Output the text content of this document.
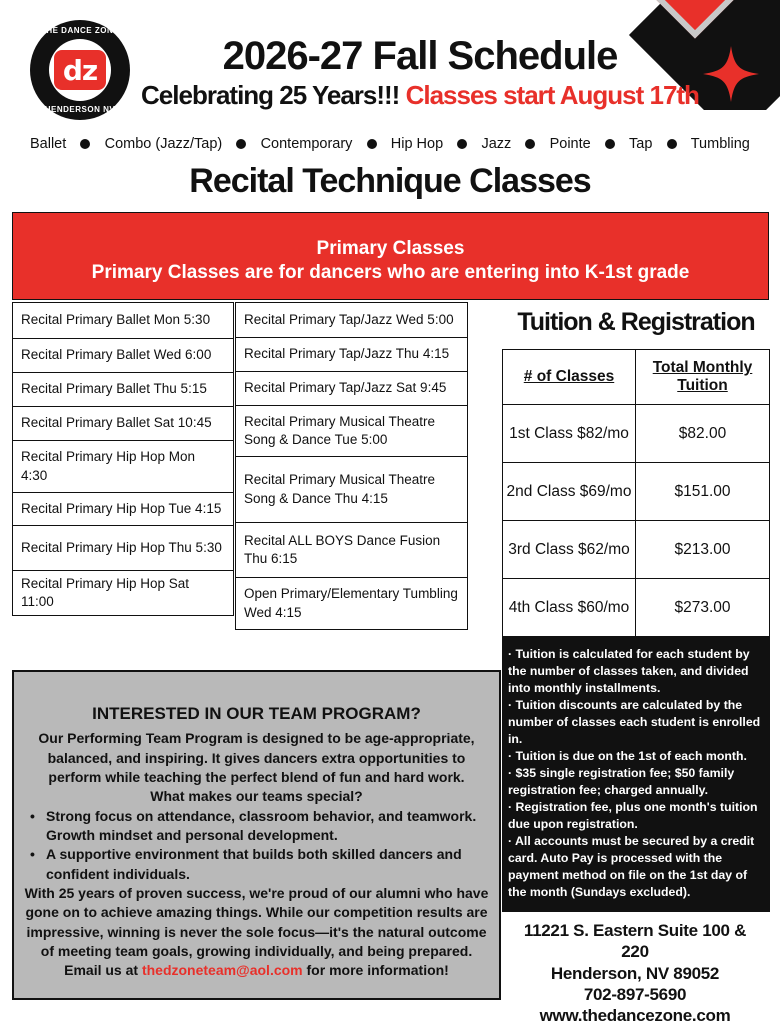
THE DANCE ZONE
dz
HENDERSON NV
2026-27 Fall Schedule
Celebrating 25 Years!!! Classes start August 17th
Ballet	Combo (Jazz/Tap)	Contemporary	Hip Hop	Jazz	Pointe	Tap	Tumbling
Recital Technique Classes
Primary Classes
Primary Classes are for dancers who are entering into K-1st grade
Recital Primary Ballet Mon 5:30
Recital Primary Ballet Wed 6:00
Recital Primary Ballet Thu 5:15
Recital Primary Ballet Sat 10:45
Recital Primary Hip Hop Mon 4:30
Recital Primary Hip Hop Tue 4:15
Recital Primary Hip Hop Thu 5:30
Recital Primary Hip Hop Sat 11:00
Recital Primary Tap/Jazz Wed 5:00
Recital Primary Tap/Jazz Thu 4:15
Recital Primary Tap/Jazz Sat 9:45
Recital Primary Musical Theatre Song & Dance Tue 5:00
Recital Primary Musical Theatre Song & Dance Thu 4:15
Recital ALL BOYS Dance Fusion Thu 6:15
Open Primary/Elementary Tumbling Wed 4:15
Tuition & Registration
# of Classes	Total Monthly Tuition
1st Class $82/mo	$82.00
2nd Class $69/mo	$151.00
3rd Class $62/mo	$213.00
4th Class $60/mo	$273.00
· Tuition is calculated for each student by the number of classes taken, and divided into monthly installments.
· Tuition discounts are calculated by the number of classes each student is enrolled in.
· Tuition is due on the 1st of each month.
· $35 single registration fee; $50 family registration fee; charged annually.
· Registration fee, plus one month's tuition due upon registration.
· All accounts must be secured by a credit card. Auto Pay is processed with the payment method on file on the 1st day of the month (Sundays excluded).
INTERESTED IN OUR TEAM PROGRAM?
Our Performing Team Program is designed to be age-appropriate, balanced, and inspiring. It gives dancers extra opportunities to perform while teaching the perfect blend of fun and hard work.
What makes our teams special?
• Strong focus on attendance, classroom behavior, and teamwork. Growth mindset and personal development.
• A supportive environment that builds both skilled dancers and confident individuals.
With 25 years of proven success, we're proud of our alumni who have gone on to achieve amazing things. While our competition results are impressive, winning is never the sole focus—it's the natural outcome of meeting team goals, growing individually, and being prepared.
Email us at thedzoneteam@aol.com for more information!
11221 S. Eastern Suite 100 & 220
Henderson, NV 89052
702-897-5690
www.thedancezone.com
